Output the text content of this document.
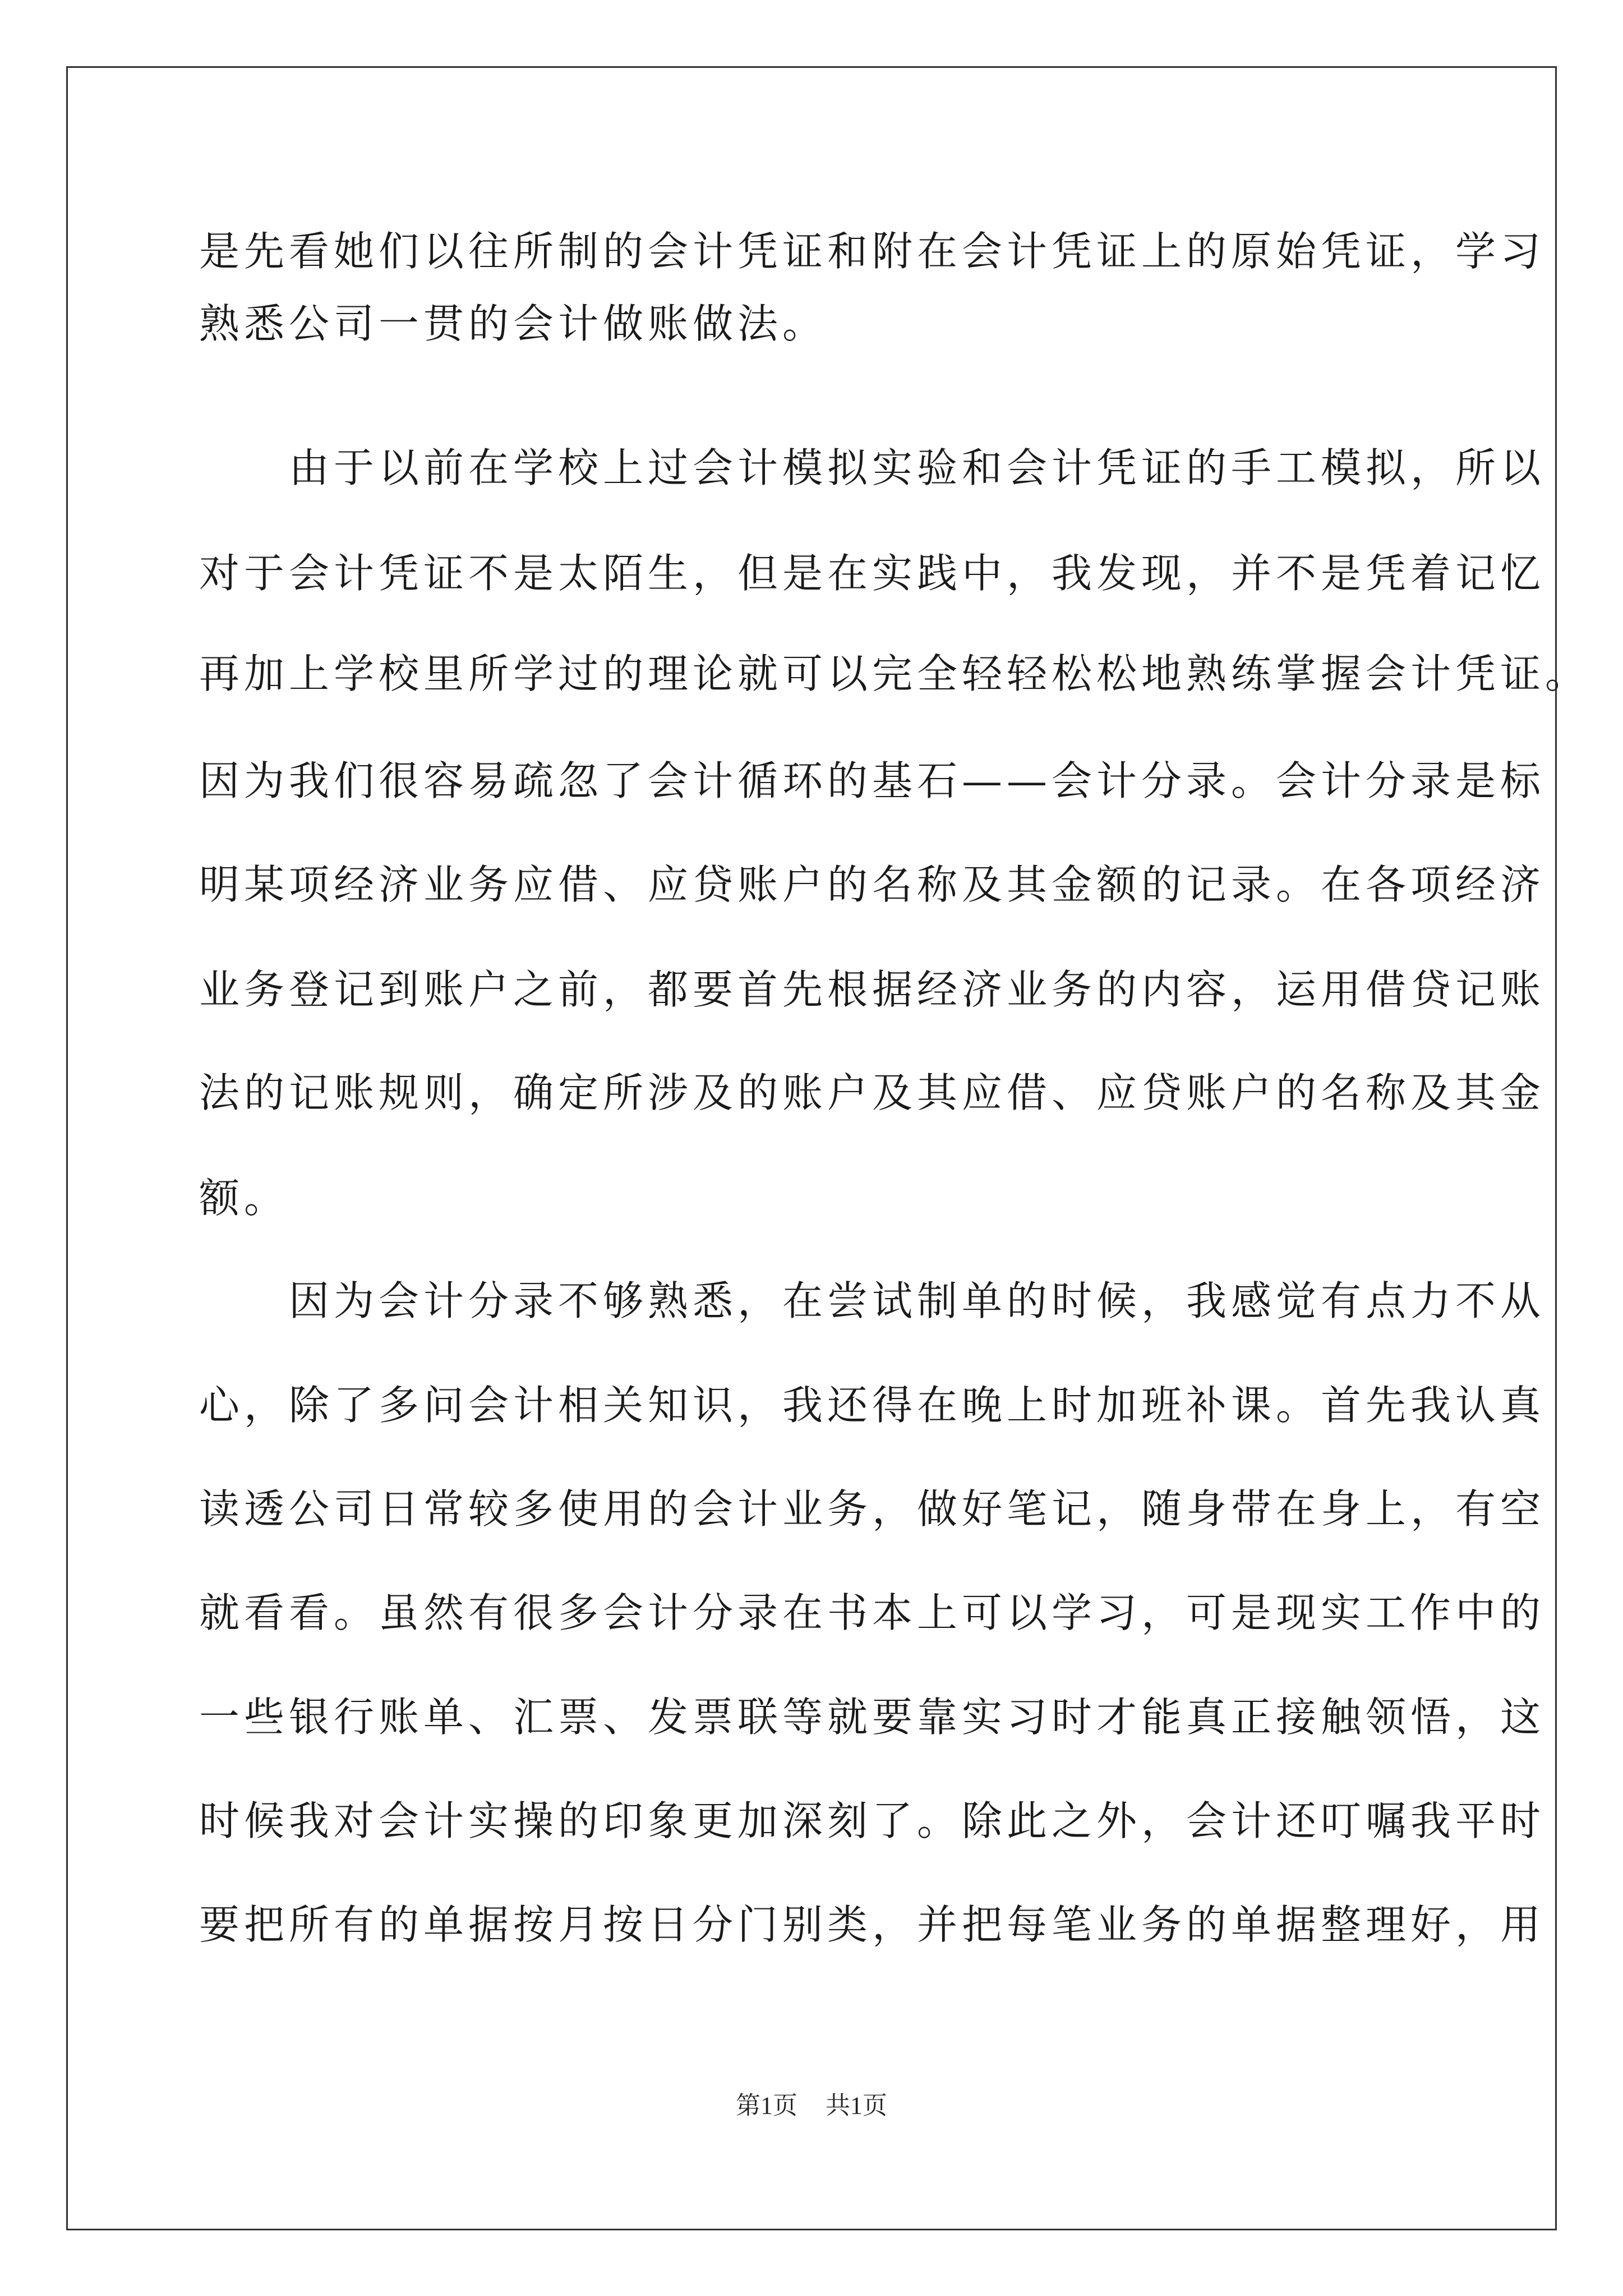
是先看她们以往所制的会计凭证和附在会计凭证上的原始凭证，学习
熟悉公司一贯的会计做账做法。
　　由于以前在学校上过会计模拟实验和会计凭证的手工模拟，所以
对于会计凭证不是太陌生，但是在实践中，我发现，并不是凭着记忆
再加上学校里所学过的理论就可以完全轻轻松松地熟练掌握会计凭证。
因为我们很容易疏忽了会计循环的基石——会计分录。会计分录是标
明某项经济业务应借、应贷账户的名称及其金额的记录。在各项经济
业务登记到账户之前，都要首先根据经济业务的内容，运用借贷记账
法的记账规则，确定所涉及的账户及其应借、应贷账户的名称及其金
额。
　　因为会计分录不够熟悉，在尝试制单的时候，我感觉有点力不从
心，除了多问会计相关知识，我还得在晚上时加班补课。首先我认真
读透公司日常较多使用的会计业务，做好笔记，随身带在身上，有空
就看看。虽然有很多会计分录在书本上可以学习，可是现实工作中的
一些银行账单、汇票、发票联等就要靠实习时才能真正接触领悟，这
时候我对会计实操的印象更加深刻了。除此之外，会计还叮嘱我平时
要把所有的单据按月按日分门别类，并把每笔业务的单据整理好，用
第1页 共1页
